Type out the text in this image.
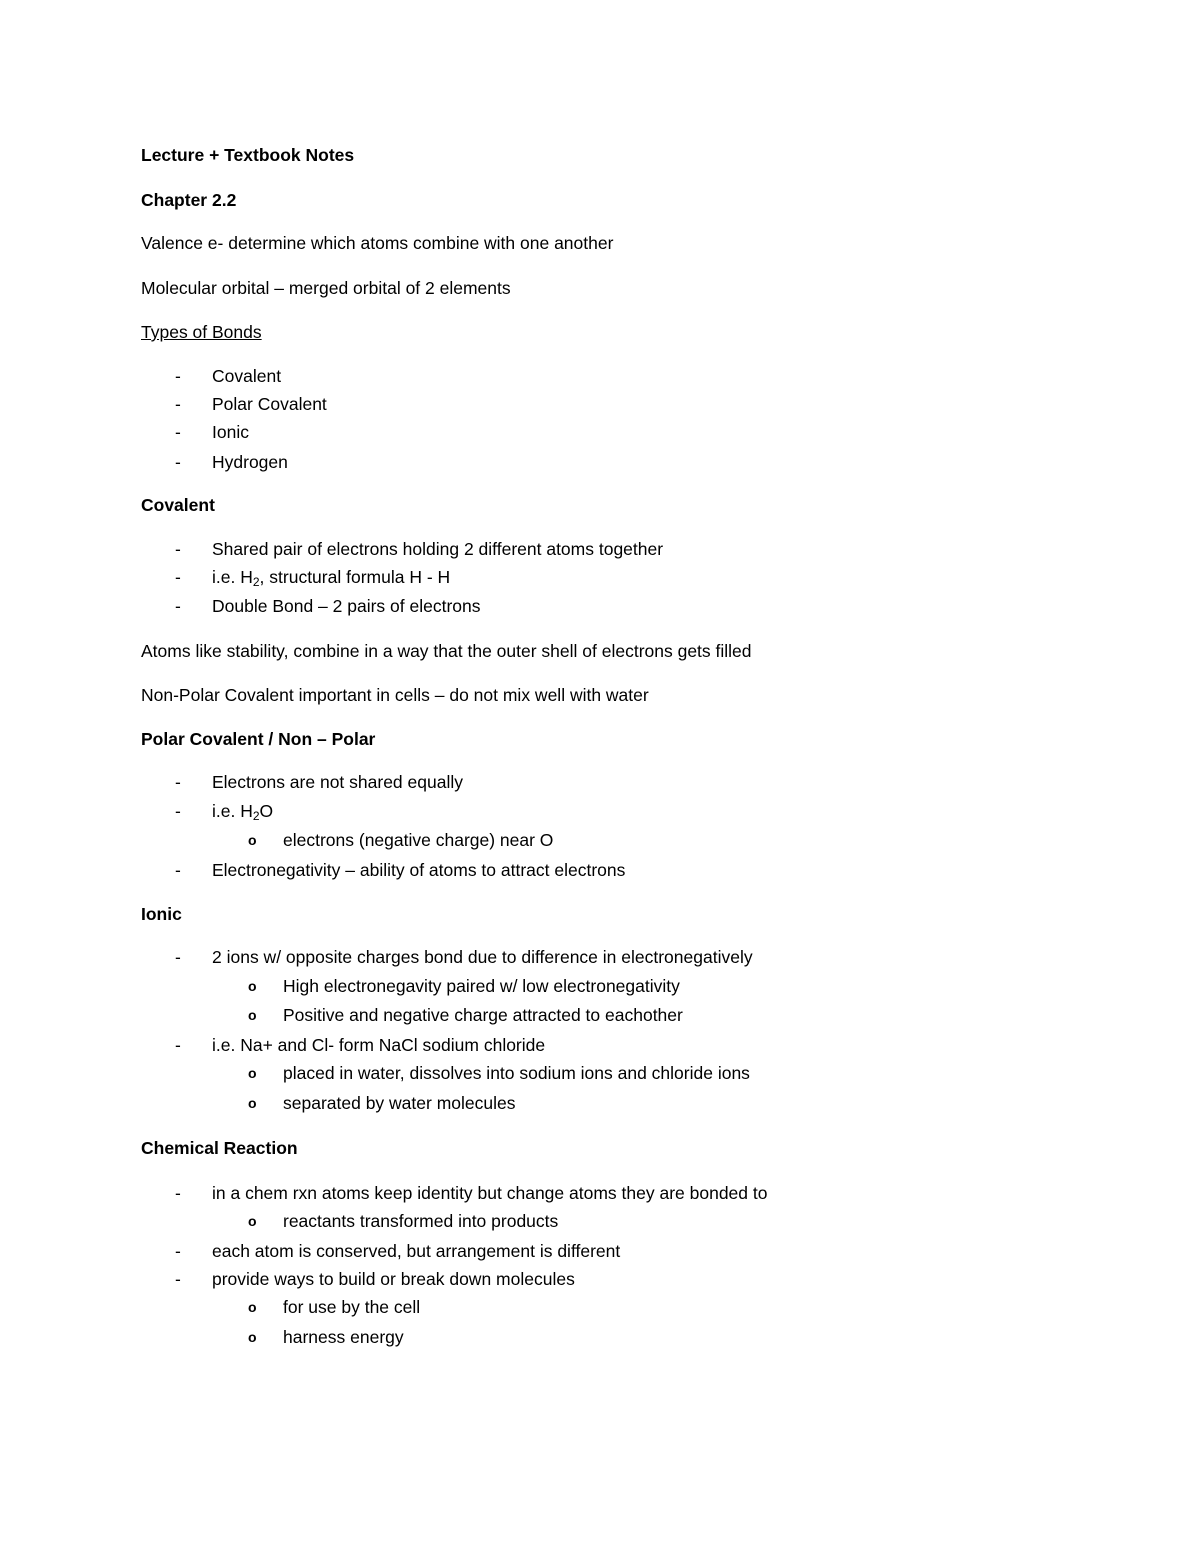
Lecture + Textbook Notes
Chapter 2.2
Valence e- determine which atoms combine with one another
Molecular orbital – merged orbital of 2 elements
Types of Bonds
- Covalent
- Polar Covalent
- Ionic
- Hydrogen
Covalent
- Shared pair of electrons holding 2 different atoms together
- i.e. $H_2$, structural formula H - H
- Double Bond – 2 pairs of electrons
Atoms like stability, combine in a way that the outer shell of electrons gets filled
Non-Polar Covalent important in cells – do not mix well with water
Polar Covalent / Non – Polar
- Electrons are not shared equally
- i.e. $H_2O$
o electrons (negative charge) near O
- Electronegativity – ability of atoms to attract electrons
Ionic
- 2 ions w/ opposite charges bond due to difference in electronegatively
o High electronegavity paired w/ low electronegativity
o Positive and negative charge attracted to eachother
- i.e. Na+ and Cl- form NaCl sodium chloride
o placed in water, dissolves into sodium ions and chloride ions
o separated by water molecules
Chemical Reaction
- in a chem rxn atoms keep identity but change atoms they are bonded to
o reactants transformed into products
- each atom is conserved, but arrangement is different
- provide ways to build or break down molecules
o for use by the cell
o harness energy
